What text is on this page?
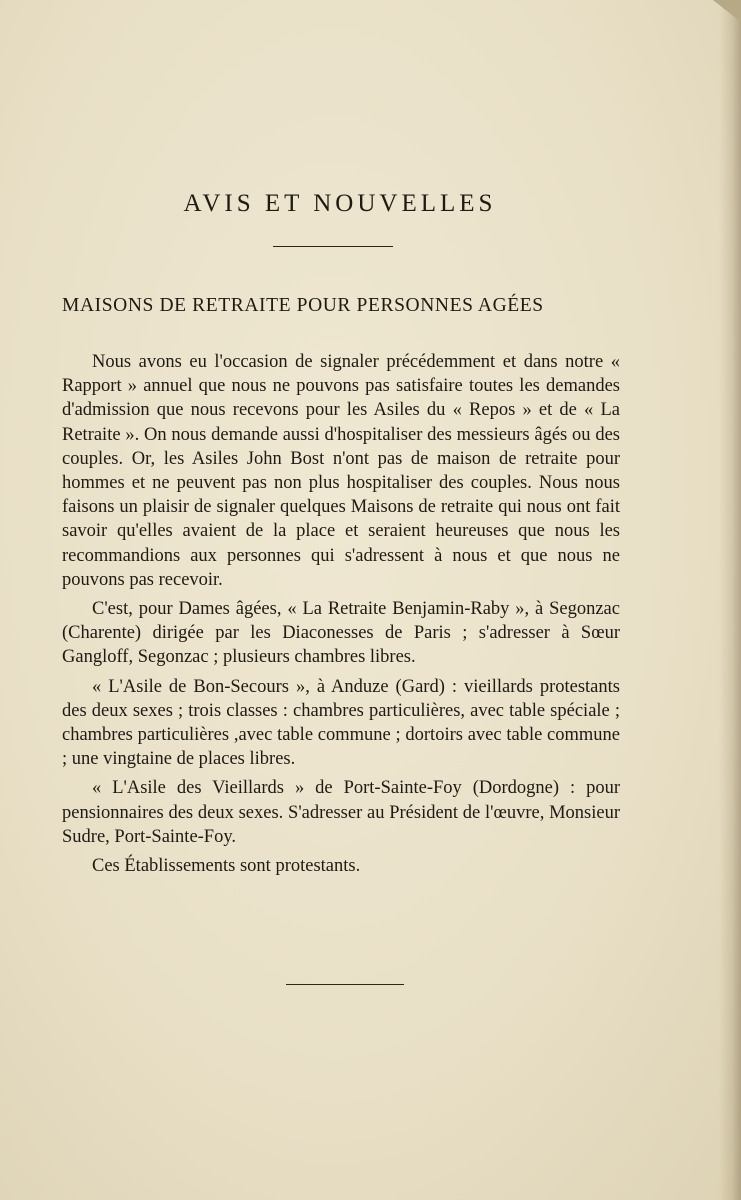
AVIS ET NOUVELLES
MAISONS DE RETRAITE POUR PERSONNES AGÉES

Nous avons eu l'occasion de signaler précédemment et dans notre « Rapport » annuel que nous ne pouvons pas satisfaire toutes les demandes d'admission que nous recevons pour les Asiles du « Repos » et de « La Retraite ». On nous demande aussi d'hospitaliser des messieurs âgés ou des couples. Or, les Asiles John Bost n'ont pas de maison de retraite pour hommes et ne peuvent pas non plus hospitaliser des couples. Nous nous faisons un plaisir de signaler quelques Maisons de retraite qui nous ont fait savoir qu'elles avaient de la place et seraient heureuses que nous les recommandions aux personnes qui s'adressent à nous et que nous ne pouvons pas recevoir.

C'est, pour Dames âgées, « La Retraite Benjamin-Raby », à Segonzac (Charente) dirigée par les Diaconesses de Paris ; s'adresser à Sœur Gangloff, Segonzac ; plusieurs chambres libres.

« L'Asile de Bon-Secours », à Anduze (Gard) : vieillards protestants des deux sexes ; trois classes : chambres particulières, avec table spéciale ; chambres particulières ,avec table commune ; dortoirs avec table commune ; une vingtaine de places libres.

« L'Asile des Vieillards » de Port-Sainte-Foy (Dordogne) : pour pensionnaires des deux sexes. S'adresser au Président de l'œuvre, Monsieur Sudre, Port-Sainte-Foy.

Ces Établissements sont protestants.
